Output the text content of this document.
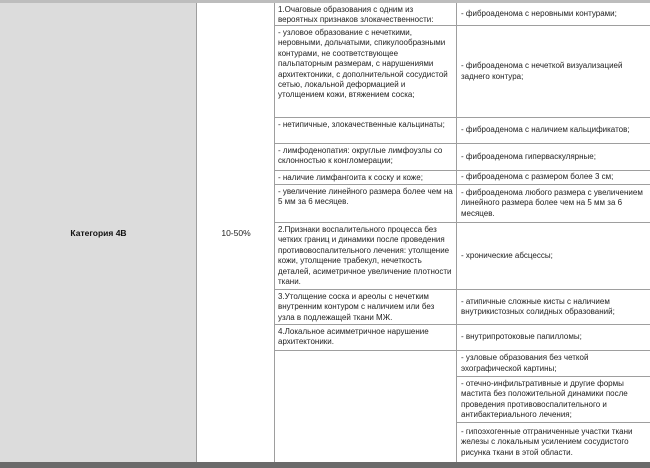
Категория 4В	10-50%
1.Очаговые образования с одним из вероятных признаков злокачественности:
- узловое образование с нечеткими, неровными, дольчатыми, спикулообразными контурами, не соответствующее пальпаторным размерам, с нарушениями архитектоники, с дополнительной сосудистой сетью, локальной деформацией и утолщением кожи, втяжением соска;
- нетипичные, злокачественные кальцинаты;
- лимфоденопатия: округлые лимфоузлы со склонностью к конгломерации;
- наличие лимфангоита к соску и коже;
- увеличение линейного размера более чем на 5 мм за 6 месяцев.
2.Признаки воспалительного процесса без четких границ и динамики после проведения противовоспалительного лечения: утолщение кожи, утолщение трабекул, нечеткость деталей, асиметричное увеличение плотности ткани.
3.Утолщение соска и ареолы с нечетким внутренним контуром с наличием или без узла в подлежащей ткани МЖ.
4.Локальное асимметричное нарушение архитектоники.
- фиброаденома с неровными контурами;
- фиброаденома с нечеткой визуализацией заднего контура;
- фиброаденома с наличием кальцификатов;
- фиброаденома гиперваскулярные;
- фиброаденома с размером более 3 см;
- фиброаденома любого размера с увеличением линейного размера более чем на 5 мм за 6 месяцев.
- хронические абсцессы;
- атипичные сложные кисты с наличием внутрикистозных солидных образований;
- внутрипротоковые папилломы;
- узловые образования без четкой эхографической картины;
- отечно-инфильтративные и другие формы мастита без положительной динамики после проведения противовоспалительного и антибактериального лечения;
- гипоэхогенные отграниченные участки ткани железы с локальным усилением сосудистого рисунка ткани в этой области.
